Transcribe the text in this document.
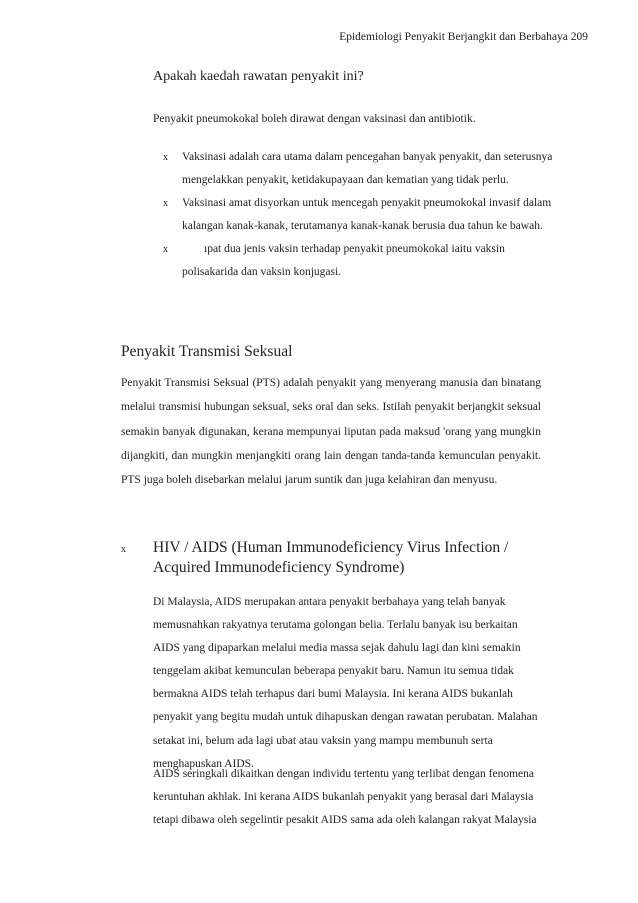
Epidemiologi Penyakit Berjangkit dan Berbahaya 209
Apakah kaedah rawatan penyakit ini?
Penyakit pneumokokal boleh dirawat dengan vaksinasi dan antibiotik.
x Vaksinasi adalah cara utama dalam pencegahan banyak penyakit, dan seterusnya mengelakkan penyakit, ketidakupayaan dan kematian yang tidak perlu.
x Vaksinasi amat disyorkan untuk mencegah penyakit pneumokokal invasif dalam kalangan kanak-kanak, terutamanya kanak-kanak berusia dua tahun ke bawah.
x	ıpat dua jenis vaksin terhadap penyakit pneumokokal iaitu vaksin polisakarida dan vaksin konjugasi.
Penyakit Transmisi Seksual
Penyakit Transmisi Seksual (PTS) adalah penyakit yang menyerang manusia dan binatang melalui transmisi hubungan seksual, seks oral dan seks. Istilah penyakit berjangkit seksual semakin banyak digunakan, kerana mempunyai liputan pada maksud 'orang yang mungkin dijangkiti, dan mungkin menjangkiti orang lain dengan tanda-tanda kemunculan penyakit. PTS juga boleh disebarkan melalui jarum suntik dan juga kelahiran dan menyusu.
x HIV / AIDS (Human Immunodeficiency Virus Infection / Acquired Immunodeficiency Syndrome)
Di Malaysia, AIDS merupakan antara penyakit berbahaya yang telah banyak memusnahkan rakyatnya terutama golongan belia. Terlalu banyak isu berkaitan AIDS yang dipaparkan melalui media massa sejak dahulu lagi dan kini semakin tenggelam akibat kemunculan beberapa penyakit baru. Namun itu semua tidak bermakna AIDS telah terhapus dari bumi Malaysia. Ini kerana AIDS bukanlah penyakit yang begitu mudah untuk dihapuskan dengan rawatan perubatan. Malahan setakat ini, belum ada lagi ubat atau vaksin yang mampu membunuh serta menghapuskan AIDS.
AIDS seringkali dikaitkan dengan individu tertentu yang terlibat dengan fenomena keruntuhan akhlak. Ini kerana AIDS bukanlah penyakit yang berasal dari Malaysia tetapi dibawa oleh segelintir pesakit AIDS sama ada oleh kalangan rakyat Malaysia
